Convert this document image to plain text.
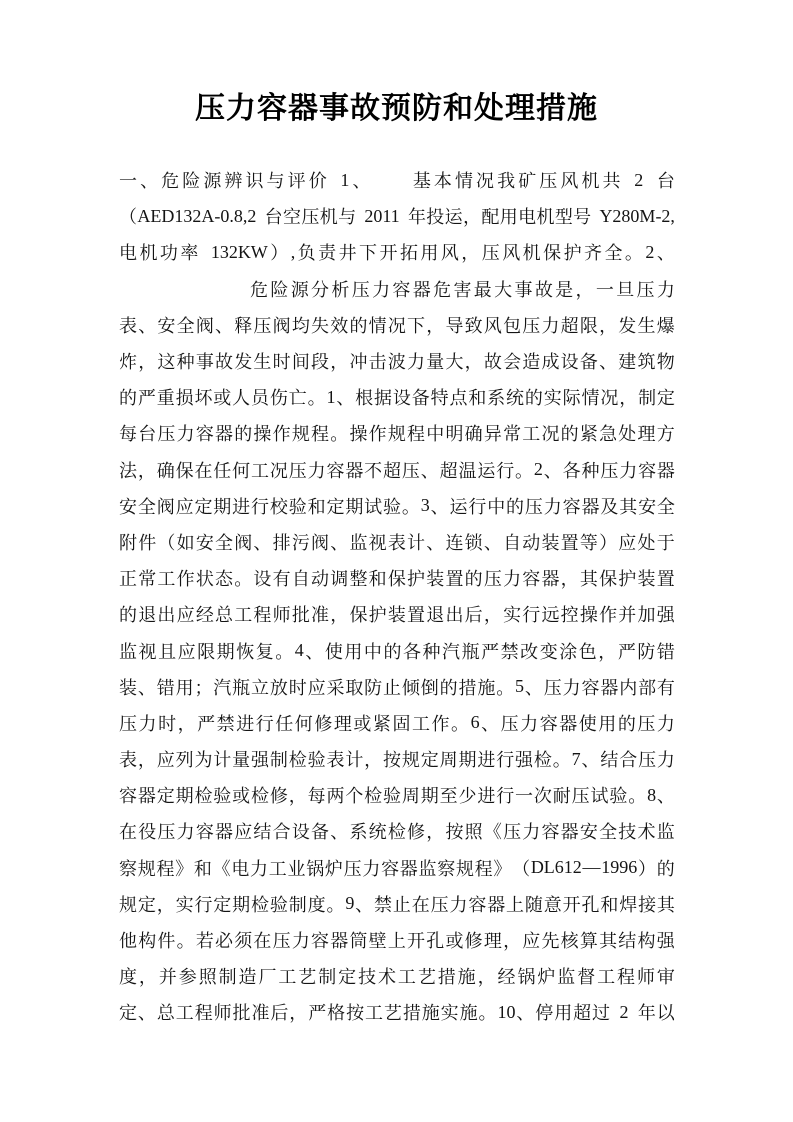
压力容器事故预防和处理措施
一 、 危 险 源 辨 识 与 评 价 1 、 基 本 情 况 我 矿 压 风 机 共 2 台
（ AED132A-0.8,2 台 空 压 机 与 2011 年 投 运 ， 配 用 电 机 型 号 Y280M-2,
电 机 功 率 132KW ） , 负 责 井 下 开 拓 用 风 ， 压 风 机 保 护 齐 全 。 2 、
危 险 源 分 析 压 力 容 器 危 害 最 大 事 故 是 ， 一 旦 压 力
表 、 安 全 阀 、 释 压 阀 均 失 效 的 情 况 下 ， 导 致 风 包 压 力 超 限 ， 发 生 爆
炸 ， 这 种 事 故 发 生 时 间 段 ， 冲 击 波 力 量 大 ， 故 会 造 成 设 备 、 建 筑 物
的 严 重 损 坏 或 人 员 伤 亡 。 1 、 根 据 设 备 特 点 和 系 统 的 实 际 情 况 ， 制 定
每 台 压 力 容 器 的 操 作 规 程 。 操 作 规 程 中 明 确 异 常 工 况 的 紧 急 处 理 方
法 ， 确 保 在 任 何 工 况 压 力 容 器 不 超 压 、 超 温 运 行 。 2 、 各 种 压 力 容 器
安 全 阀 应 定 期 进 行 校 验 和 定 期 试 验 。 3 、 运 行 中 的 压 力 容 器 及 其 安 全
附 件 （ 如 安 全 阀 、 排 污 阀 、 监 视 表 计 、 连 锁 、 自 动 装 置 等 ） 应 处 于
正 常 工 作 状 态 。 设 有 自 动 调 整 和 保 护 装 置 的 压 力 容 器 ， 其 保 护 装 置
的 退 出 应 经 总 工 程 师 批 准 ， 保 护 装 置 退 出 后 ， 实 行 远 控 操 作 并 加 强
监 视 且 应 限 期 恢 复 。 4 、 使 用 中 的 各 种 汽 瓶 严 禁 改 变 涂 色 ， 严 防 错
装 、 错 用 ； 汽 瓶 立 放 时 应 采 取 防 止 倾 倒 的 措 施 。 5 、 压 力 容 器 内 部 有
压 力 时 ， 严 禁 进 行 任 何 修 理 或 紧 固 工 作 。 6 、 压 力 容 器 使 用 的 压 力
表 ， 应 列 为 计 量 强 制 检 验 表 计 ， 按 规 定 周 期 进 行 强 检 。 7 、 结 合 压 力
容 器 定 期 检 验 或 检 修 ， 每 两 个 检 验 周 期 至 少 进 行 一 次 耐 压 试 验 。 8 、
在 役 压 力 容 器 应 结 合 设 备 、 系 统 检 修 ， 按 照 《 压 力 容 器 安 全 技 术 监
察 规 程 》 和 《 电 力 工 业 锅 炉 压 力 容 器 监 察 规 程 》 （ DL612 — 1996 ） 的
规 定 ， 实 行 定 期 检 验 制 度 。 9 、 禁 止 在 压 力 容 器 上 随 意 开 孔 和 焊 接 其
他 构 件 。 若 必 须 在 压 力 容 器 筒 壁 上 开 孔 或 修 理 ， 应 先 核 算 其 结 构 强
度 ， 并 参 照 制 造 厂 工 艺 制 定 技 术 工 艺 措 施 ， 经 锅 炉 监 督 工 程 师 审
定 、 总 工 程 师 批 准 后 ， 严 格 按 工 艺 措 施 实 施 。 10 、 停 用 超 过 2 年 以
